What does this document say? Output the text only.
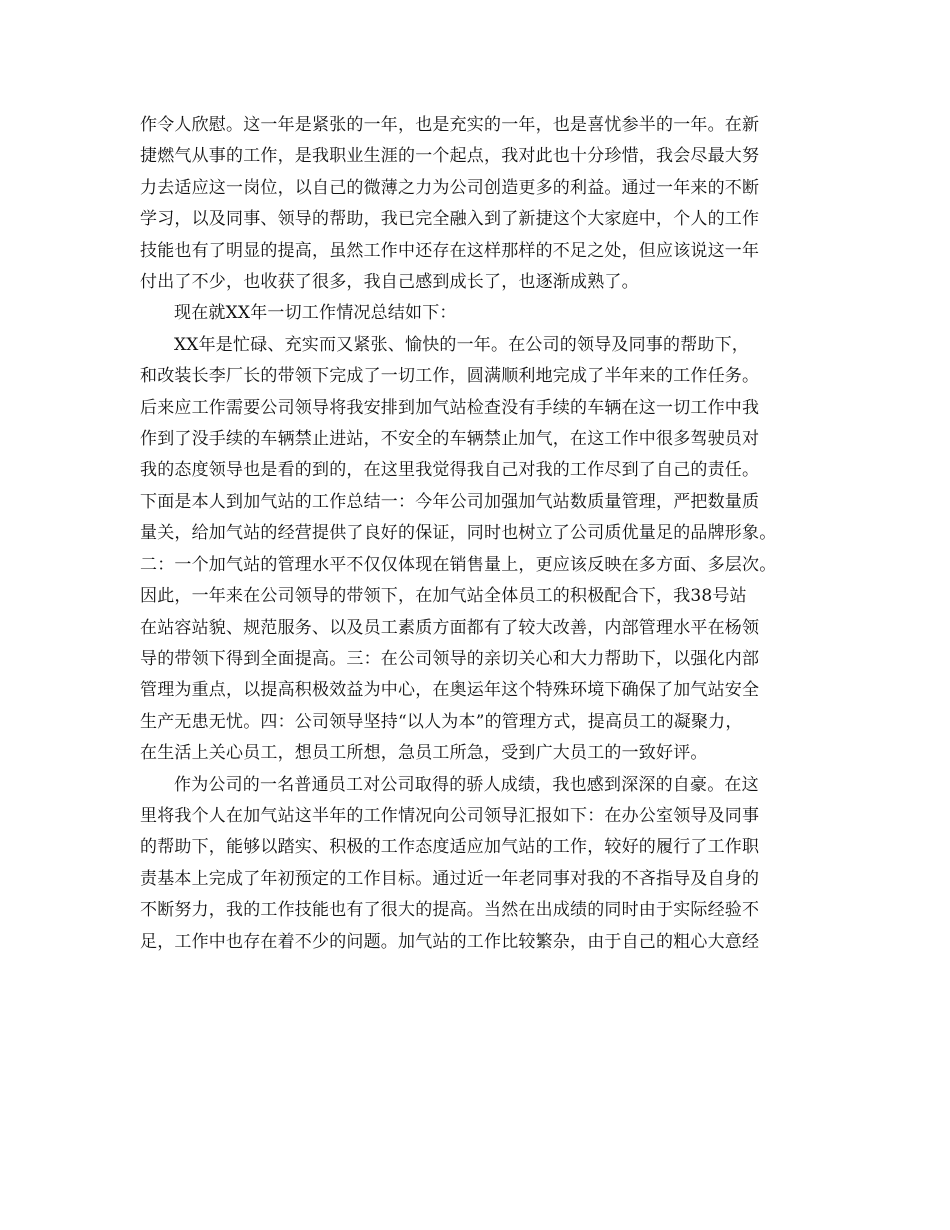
作令人欣慰。这一年是紧张的一年，也是充实的一年，也是喜忧参半的一年。在新

捷燃气从事的工作，是我职业生涯的一个起点，我对此也十分珍惜，我会尽最大努

力去适应这一岗位，以自己的微薄之力为公司创造更多的利益。通过一年来的不断

学习，以及同事、领导的帮助，我已完全融入到了新捷这个大家庭中，个人的工作

技能也有了明显的提高，虽然工作中还存在这样那样的不足之处，但应该说这一年

付出了不少，也收获了很多，我自己感到成长了，也逐渐成熟了。

现在就XX年一切工作情况总结如下：

XX年是忙碌、充实而又紧张、愉快的一年。在公司的领导及同事的帮助下，

和改装长李厂长的带领下完成了一切工作，圆满顺利地完成了半年来的工作任务。

后来应工作需要公司领导将我安排到加气站检查没有手续的车辆在这一切工作中我

作到了没手续的车辆禁止进站，不安全的车辆禁止加气，在这工作中很多驾驶员对

我的态度领导也是看的到的，在这里我觉得我自己对我的工作尽到了自己的责任。

下面是本人到加气站的工作总结一：今年公司加强加气站数质量管理，严把数量质

量关，给加气站的经营提供了良好的保证，同时也树立了公司质优量足的品牌形象。

二：一个加气站的管理水平不仅仅体现在销售量上，更应该反映在多方面、多层次。

因此，一年来在公司领导的带领下，在加气站全体员工的积极配合下，我38号站

在站容站貌、规范服务、以及员工素质方面都有了较大改善，内部管理水平在杨领

导的带领下得到全面提高。三：在公司领导的亲切关心和大力帮助下，以强化内部

管理为重点，以提高积极效益为中心，在奥运年这个特殊环境下确保了加气站安全

生产无患无忧。四：公司领导坚持“以人为本”的管理方式，提高员工的凝聚力，

在生活上关心员工，想员工所想，急员工所急，受到广大员工的一致好评。

作为公司的一名普通员工对公司取得的骄人成绩，我也感到深深的自豪。在这

里将我个人在加气站这半年的工作情况向公司领导汇报如下：在办公室领导及同事

的帮助下，能够以踏实、积极的工作态度适应加气站的工作，较好的履行了工作职

责基本上完成了年初预定的工作目标。通过近一年老同事对我的不吝指导及自身的

不断努力，我的工作技能也有了很大的提高。当然在出成绩的同时由于实际经验不

足，工作中也存在着不少的问题。加气站的工作比较繁杂，由于自己的粗心大意经
